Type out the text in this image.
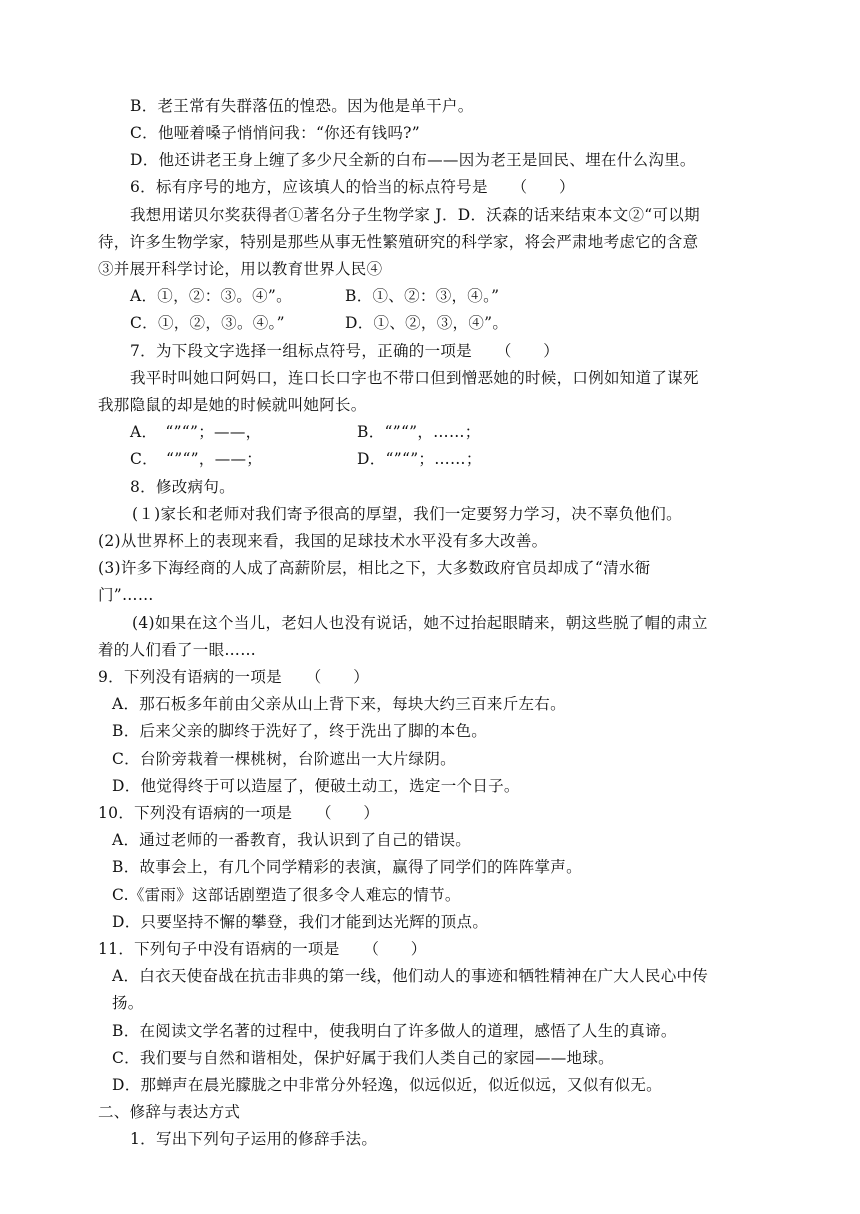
B．老王常有失群落伍的惶恐。因为他是单干户。
C．他哑着嗓子悄悄问我：“你还有钱吗?”
D．他还讲老王身上缠了多少尺全新的白布——因为老王是回民、埋在什么沟里。
6．标有序号的地方，应该填人的恰当的标点符号是　　（　　）
我想用诺贝尔奖获得者①著名分子生物学家 J．D．沃森的话来结束本文②“可以期
待，许多生物学家，特别是那些从事无性繁殖研究的科学家，将会严肃地考虑它的含意
③并展开科学讨论，用以教育世界人民④
A．①，②：③。④”。	B．①、②：③，④。”
C．①，②，③。④。”	D．①、②，③，④”。
7．为下段文字选择一组标点符号，正确的一项是　　（　　）
我平时叫她口阿妈口，连口长口字也不带口但到憎恶她的时候，口例如知道了谋死
我那隐鼠的却是她的时候就叫她阿长。
A．　“”“”；——，	B．“”“”，……；
C．　“”“”，——；	D．“”“”；……；
8．修改病句。
(１)家长和老师对我们寄予很高的厚望，我们一定要努力学习，决不辜负他们。
(2)从世界杯上的表现来看，我国的足球技术水平没有多大改善。
(3)许多下海经商的人成了高薪阶层，相比之下，大多数政府官员却成了“清水衙
门”……
(4)如果在这个当儿，老妇人也没有说话，她不过抬起眼睛来，朝这些脱了帽的肃立
着的人们看了一眼……
9．下列没有语病的一项是　　（　　）
A．那石板多年前由父亲从山上背下来，每块大约三百来斤左右。
B．后来父亲的脚终于洗好了，终于洗出了脚的本色。
C．台阶旁栽着一棵桃树，台阶遮出一大片绿阴。
D．他觉得终于可以造屋了，便破土动工，选定一个日子。
10．下列没有语病的一项是　　（　　）
A．通过老师的一番教育，我认识到了自己的错误。
B．故事会上，有几个同学精彩的表演，赢得了同学们的阵阵掌声。
C.《雷雨》这部话剧塑造了很多令人难忘的情节。
D．只要坚持不懈的攀登，我们才能到达光辉的顶点。
11．下列句子中没有语病的一项是　　（　　）
A．白衣天使奋战在抗击非典的第一线，他们动人的事迹和牺牲精神在广大人民心中传
扬。
B．在阅读文学名著的过程中，使我明白了许多做人的道理，感悟了人生的真谛。
C．我们要与自然和谐相处，保护好属于我们人类自己的家园——地球。
D．那蝉声在晨光朦胧之中非常分外轻逸，似远似近，似近似远，又似有似无。
二、修辞与表达方式
1．写出下列句子运用的修辞手法。
